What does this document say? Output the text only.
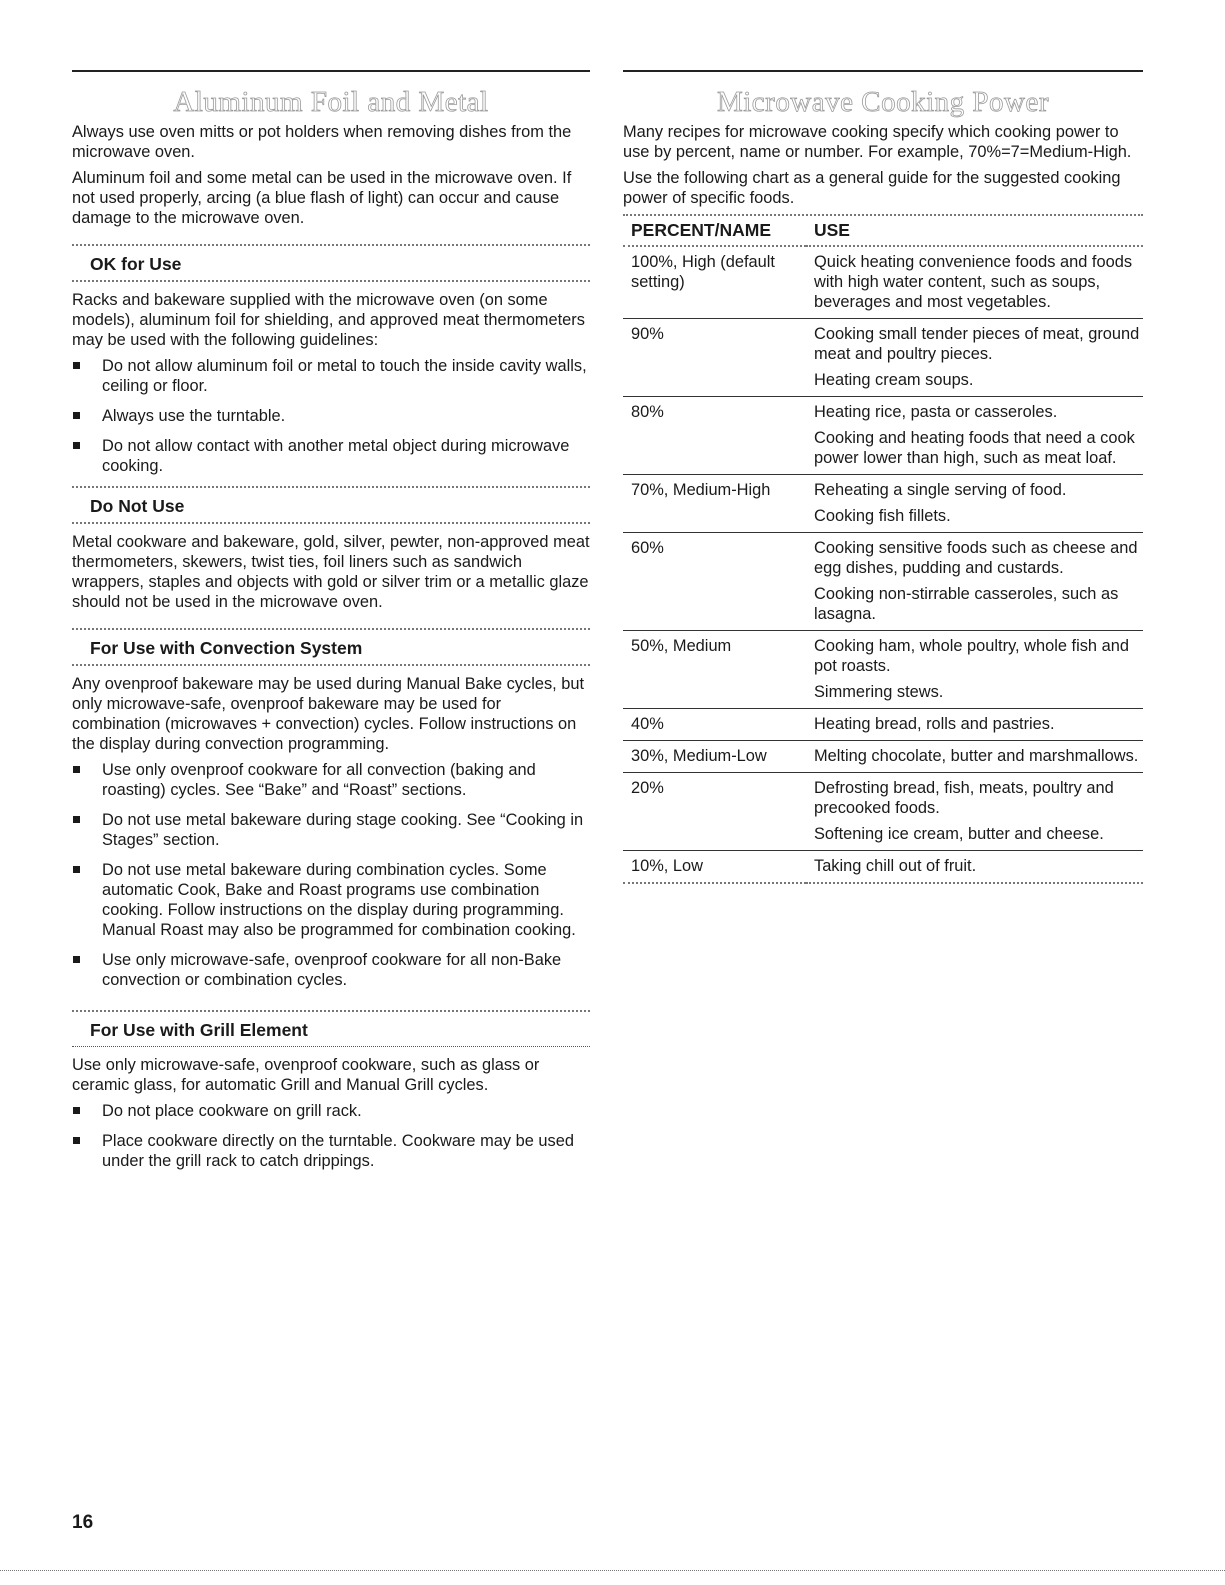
Aluminum Foil and Metal

Always use oven mitts or pot holders when removing dishes from the microwave oven.

Aluminum foil and some metal can be used in the microwave oven. If not used properly, arcing (a blue flash of light) can occur and cause damage to the microwave oven.

OK for Use

Racks and bakeware supplied with the microwave oven (on some models), aluminum foil for shielding, and approved meat thermometers may be used with the following guidelines:

Do not allow aluminum foil or metal to touch the inside cavity walls, ceiling or floor.
Always use the turntable.
Do not allow contact with another metal object during microwave cooking.
Do Not Use

Metal cookware and bakeware, gold, silver, pewter, non-approved meat thermometers, skewers, twist ties, foil liners such as sandwich wrappers, staples and objects with gold or silver trim or a metallic glaze should not be used in the microwave oven.

For Use with Convection System

Any ovenproof bakeware may be used during Manual Bake cycles, but only microwave-safe, ovenproof bakeware may be used for combination (microwaves + convection) cycles. Follow instructions on the display during convection programming.

Use only ovenproof cookware for all convection (baking and roasting) cycles. See “Bake” and “Roast” sections.
Do not use metal bakeware during stage cooking. See “Cooking in Stages” section.
Do not use metal bakeware during combination cycles. Some automatic Cook, Bake and Roast programs use combination cooking. Follow instructions on the display during programming. Manual Roast may also be programmed for combination cooking.
Use only microwave-safe, ovenproof cookware for all non-Bake convection or combination cycles.
For Use with Grill Element

Use only microwave-safe, ovenproof cookware, such as glass or ceramic glass, for automatic Grill and Manual Grill cycles.

Do not place cookware on grill rack.
Place cookware directly on the turntable. Cookware may be used under the grill rack to catch drippings.
Microwave Cooking Power

Many recipes for microwave cooking specify which cooking power to use by percent, name or number. For example, 70%=7=Medium-High.

Use the following chart as a general guide for the suggested cooking power of specific foods.

PERCENT/NAME	USE
100%, High (default setting)	Quick heating convenience foods and foods with high water content, such as soups, beverages and most vegetables.

90%	Cooking small tender pieces of meat, ground meat and poultry pieces.
Heating cream soups.

80%	Heating rice, pasta or casseroles.
Cooking and heating foods that need a cook power lower than high, such as meat loaf.

70%, Medium-High	Reheating a single serving of food.
Cooking fish fillets.

60%	Cooking sensitive foods such as cheese and egg dishes, pudding and custards.
Cooking non-stirrable casseroles, such as lasagna.

50%, Medium	Cooking ham, whole poultry, whole fish and pot roasts.
Simmering stews.

40%	Heating bread, rolls and pastries.

30%, Medium-Low	Melting chocolate, butter and marshmallows.

20%	Defrosting bread, fish, meats, poultry and precooked foods.
Softening ice cream, butter and cheese.

10%, Low	Taking chill out of fruit.
16
